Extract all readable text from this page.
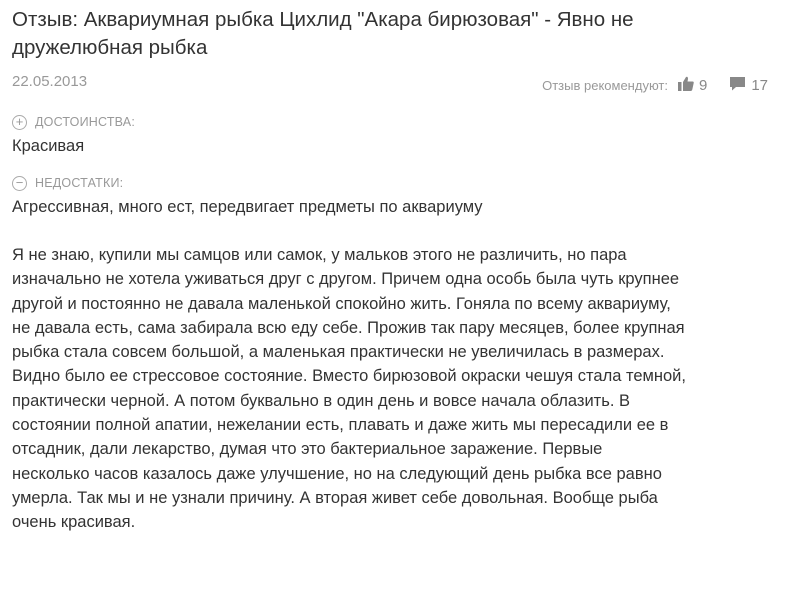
Отзыв: Аквариумная рыбка Цихлид "Акара бирюзовая" - Явно не
дружелюбная рыбка
22.05.2013	Отзыв рекомендуют: 9	17
+ ДОСТОИНСТВА:
Красивая
− НЕДОСТАТКИ:
Агрессивная, много ест, передвигает предметы по аквариуму
Я не знаю, купили мы самцов или самок, у мальков этого не различить, но пара
изначально не хотела уживаться друг с другом. Причем одна особь была чуть крупнее
другой и постоянно не давала маленькой спокойно жить. Гоняла по всему аквариуму,
не давала есть, сама забирала всю еду себе. Прожив так пару месяцев, более крупная
рыбка стала совсем большой, а маленькая практически не увеличилась в размерах.
Видно было ее стрессовое состояние. Вместо бирюзовой окраски чешуя стала темной,
практически черной. А потом буквально в один день и вовсе начала облазить. В
состоянии полной апатии, нежелании есть, плавать и даже жить мы пересадили ее в
отсадник, дали лекарство, думая что это бактериальное заражение. Первые
несколько часов казалось даже улучшение, но на следующий день рыбка все равно
умерла. Так мы и не узнали причину. А вторая живет себе довольная. Вообще рыба
очень красивая.
